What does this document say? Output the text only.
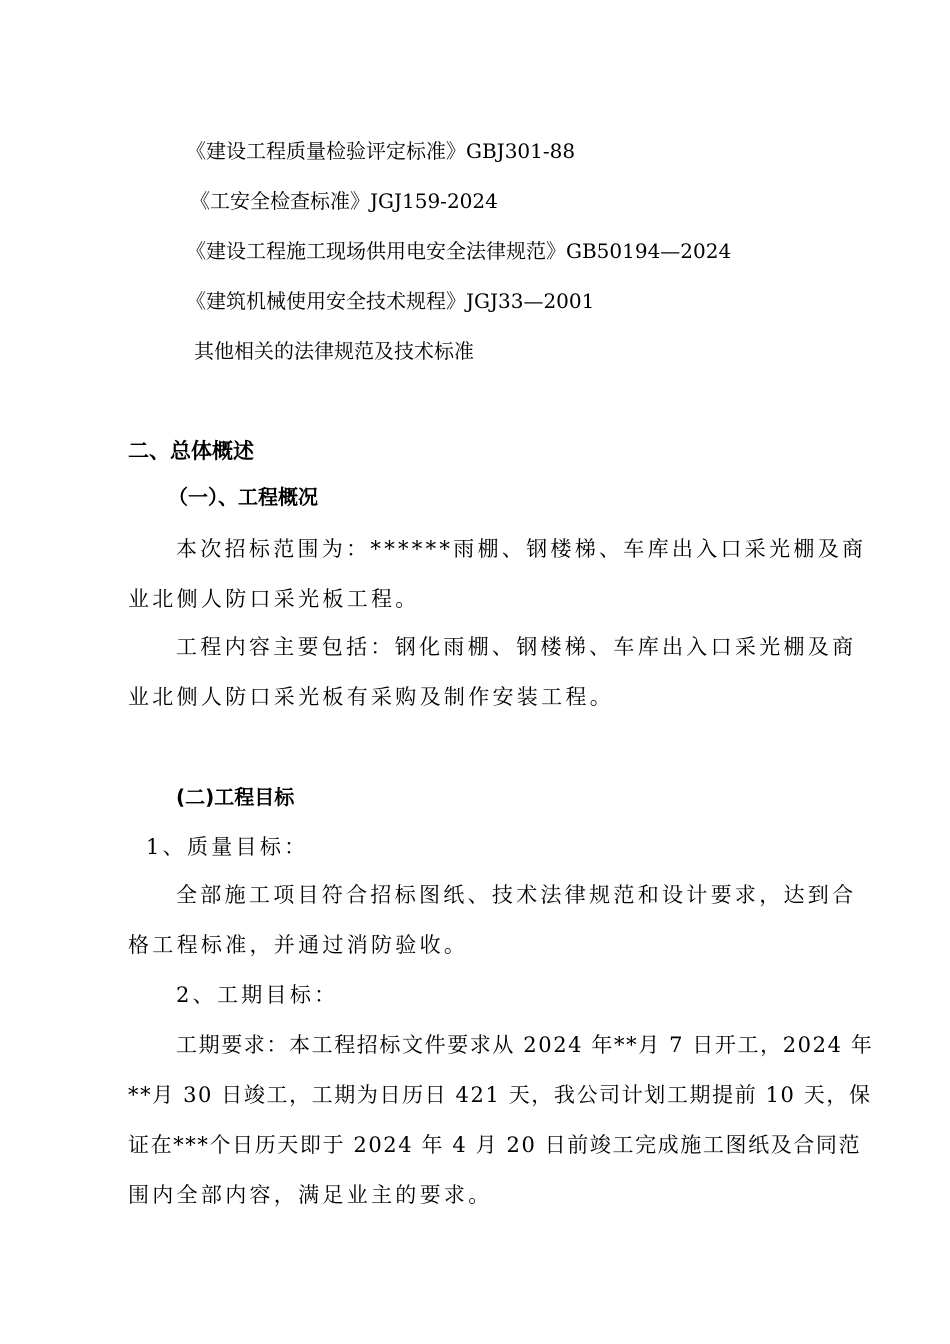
《建设工程质量检验评定标准》GBJ301-88
《工安全检查标准》JGJ159-2024
《建设工程施工现场供用电安全法律规范》GB50194—2024
《建筑机械使用安全技术规程》JGJ33—2001
其他相关的法律规范及技术标准
二、总体概述
（一）、工程概况
本次招标范围为：******雨棚、钢楼梯、车库出入口采光棚及商
业北侧人防口采光板工程。
工程内容主要包括：钢化雨棚、钢楼梯、车库出入口采光棚及商
业北侧人防口采光板有采购及制作安装工程。
(二)工程目标
1、质量目标：
全部施工项目符合招标图纸、技术法律规范和设计要求，达到合
格工程标准，并通过消防验收。
2、工期目标：
工期要求：本工程招标文件要求从 2024 年**月 7 日开工，2024 年
**月 30 日竣工，工期为日历日 421 天，我公司计划工期提前 10 天，保
证在***个日历天即于 2024 年 4 月 20 日前竣工完成施工图纸及合同范
围内全部内容，满足业主的要求。
